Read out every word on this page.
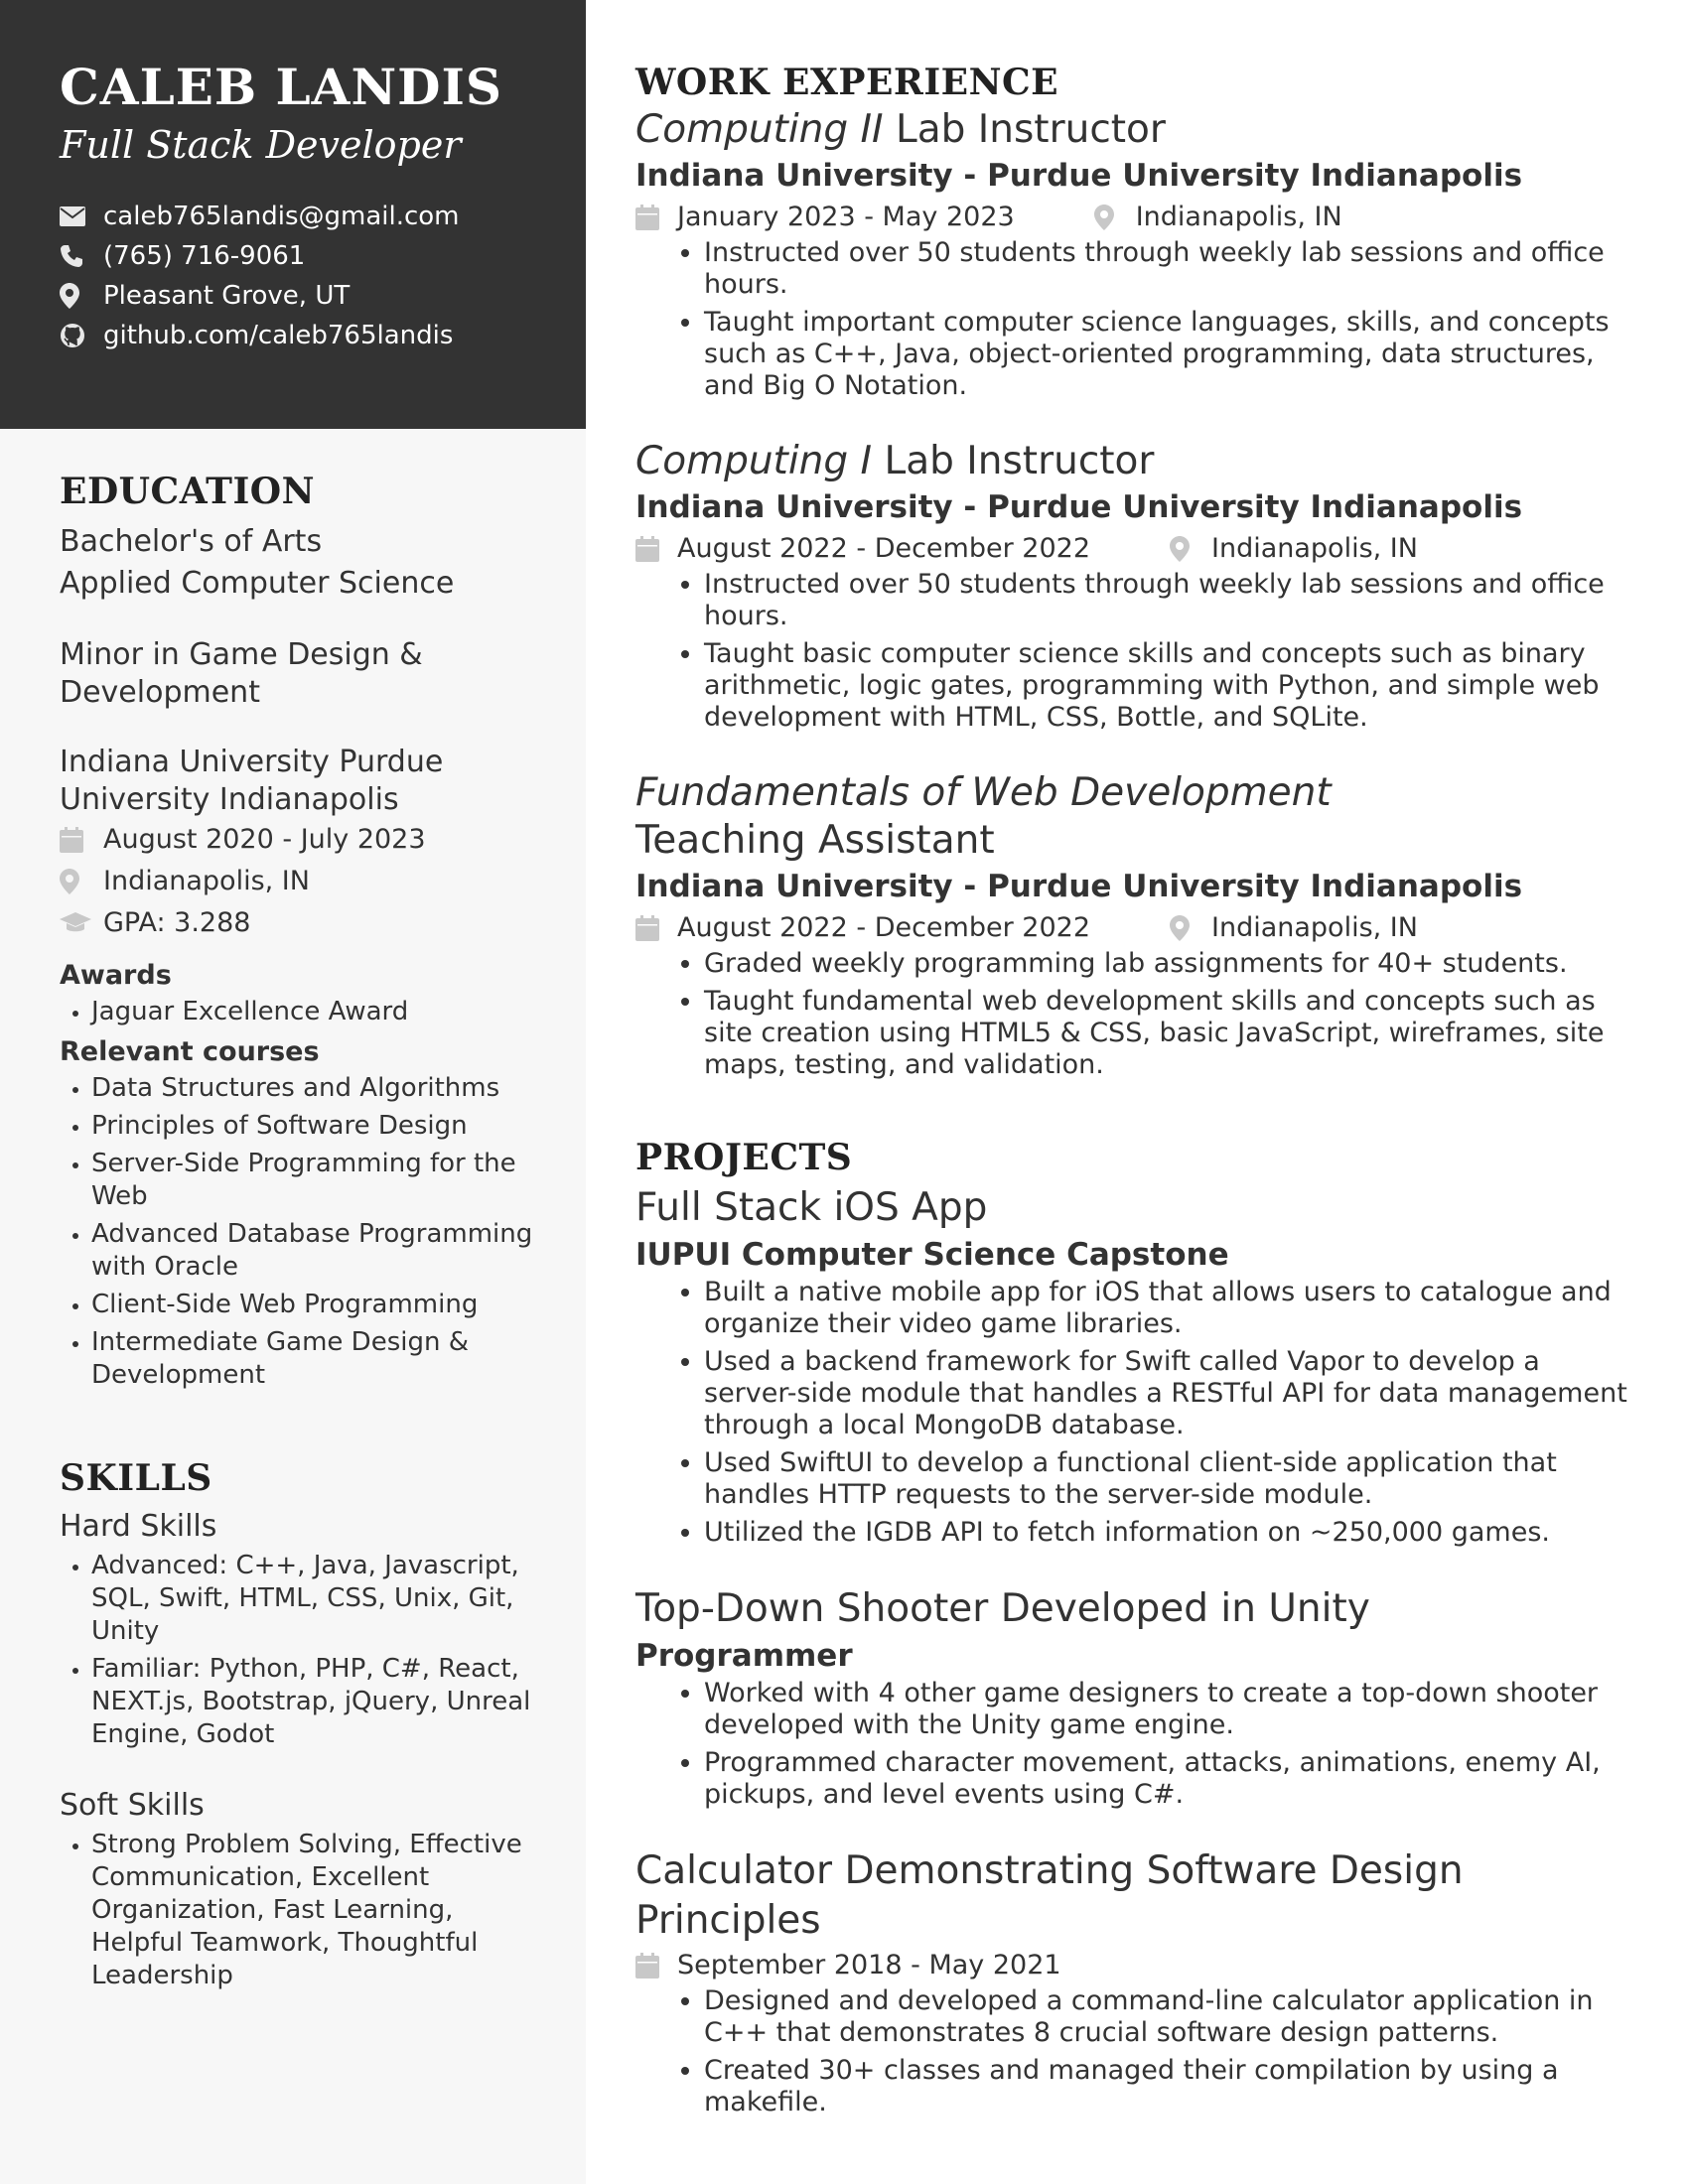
CALEB LANDIS
Full Stack Developer
caleb765landis@gmail.com
(765) 716-9061
Pleasant Grove, UT
github.com/caleb765landis
EDUCATION
Bachelor's of Arts
Applied Computer Science
Minor in Game Design &
Development
Indiana University Purdue University Indianapolis
August 2020 - July 2023
Indianapolis, IN
GPA: 3.288
Awards
• Jaguar Excellence Award
Relevant courses
• Data Structures and Algorithms
• Principles of Software Design
• Server-Side Programming for the Web
• Advanced Database Programming with Oracle
• Client-Side Web Programming
• Intermediate Game Design & Development
SKILLS
Hard Skills
• Advanced: C++, Java, Javascript, SQL, Swift, HTML, CSS, Unix, Git, Unity
• Familiar: Python, PHP, C#, React, NEXT.js, Bootstrap, jQuery, Unreal Engine, Godot
Soft Skills
• Strong Problem Solving, Effective Communication, Excellent Organization, Fast Learning, Helpful Teamwork, Thoughtful Leadership
WORK EXPERIENCE
Computing II Lab Instructor
Indiana University - Purdue University Indianapolis
January 2023 - May 2023	Indianapolis, IN
• Instructed over 50 students through weekly lab sessions and office hours.
• Taught important computer science languages, skills, and concepts such as C++, Java, object-oriented programming, data structures, and Big O Notation.
Computing I Lab Instructor
Indiana University - Purdue University Indianapolis
August 2022 - December 2022	Indianapolis, IN
• Instructed over 50 students through weekly lab sessions and office hours.
• Taught basic computer science skills and concepts such as binary arithmetic, logic gates, programming with Python, and simple web development with HTML, CSS, Bottle, and SQLite.
Fundamentals of Web Development Teaching Assistant
Indiana University - Purdue University Indianapolis
August 2022 - December 2022	Indianapolis, IN
• Graded weekly programming lab assignments for 40+ students.
• Taught fundamental web development skills and concepts such as site creation using HTML5 & CSS, basic JavaScript, wireframes, site maps, testing, and validation.
PROJECTS
Full Stack iOS App
IUPUI Computer Science Capstone
• Built a native mobile app for iOS that allows users to catalogue and organize their video game libraries.
• Used a backend framework for Swift called Vapor to develop a server-side module that handles a RESTful API for data management through a local MongoDB database.
• Used SwiftUI to develop a functional client-side application that handles HTTP requests to the server-side module.
• Utilized the IGDB API to fetch information on ~250,000 games.
Top-Down Shooter Developed in Unity
Programmer
• Worked with 4 other game designers to create a top-down shooter developed with the Unity game engine.
• Programmed character movement, attacks, animations, enemy AI, pickups, and level events using C#.
Calculator Demonstrating Software Design Principles
September 2018 - May 2021
• Designed and developed a command-line calculator application in C++ that demonstrates 8 crucial software design patterns.
• Created 30+ classes and managed their compilation by using a makefile.
